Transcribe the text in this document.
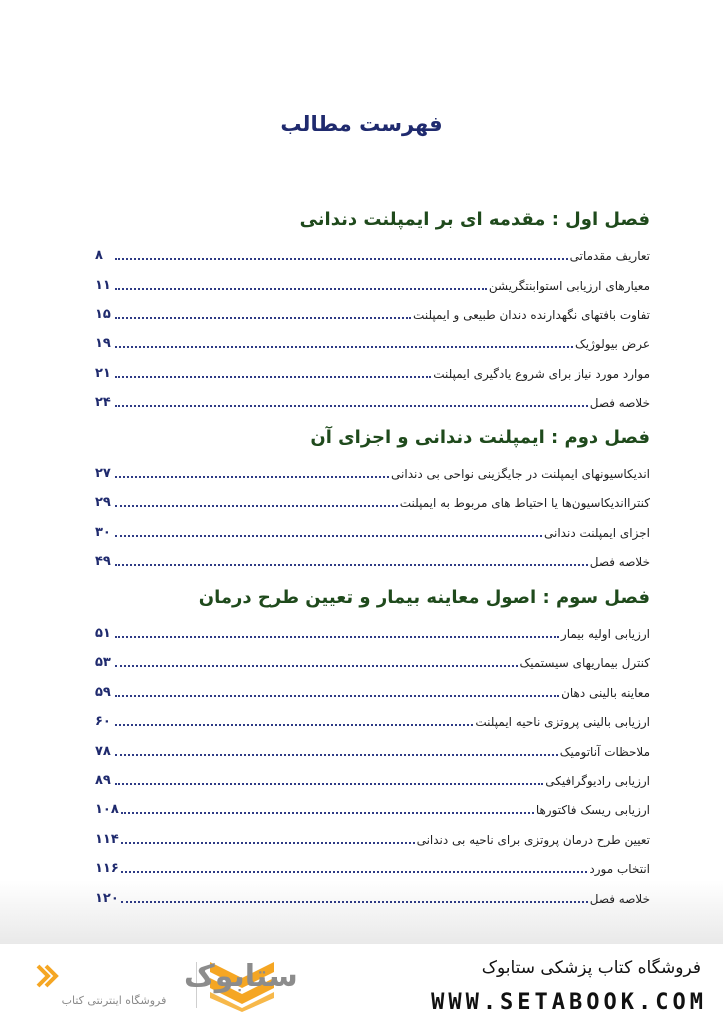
فهرست مطالب
فصل اول : مقدمه ای بر ایمپلنت دندانی
تعاریف مقدماتی
۸
معیارهای ارزیابی استوابنتگریشن
۱۱
تفاوت بافتهای نگهدارنده دندان طبیعی و ایمپلنت
۱۵
عرض بیولوژیک
۱۹
موارد مورد نیاز برای شروع یادگیری ایمپلنت
۲۱
خلاصه فصل
۲۴
فصل دوم : ایمپلنت دندانی و اجزای آن
اندیکاسیونهای ایمپلنت در جایگزینی نواحی بی دندانی
۲۷
کنترااندیکاسیون‌ها یا احتیاط های مربوط به ایمپلنت
۲۹
اجزای ایمپلنت دندانی
۳۰
خلاصه فصل
۴۹
فصل سوم : اصول معاینه بیمار و تعیین طرح درمان
ارزیابی اولیه بیمار
۵۱
کنترل بیماریهای سیستمیک
۵۳
معاینه بالینی دهان
۵۹
ارزیابی بالینی پروتزی ناحیه ایمپلنت
۶۰
ملاحظات آناتومیک
۷۸
ارزیابی رادیوگرافیکی
۸۹
ارزیابی ریسک فاکتورها
۱۰۸
تعیین طرح درمان پروتزی برای ناحیه بی دندانی
۱۱۴
انتخاب مورد
۱۱۶
خلاصه فصل
۱۲۰
ستابوک
فروشگاه اینترنتی کتاب

فروشگاه کتاب پزشکی ستابوک

WWW.SETABOOK.COM
